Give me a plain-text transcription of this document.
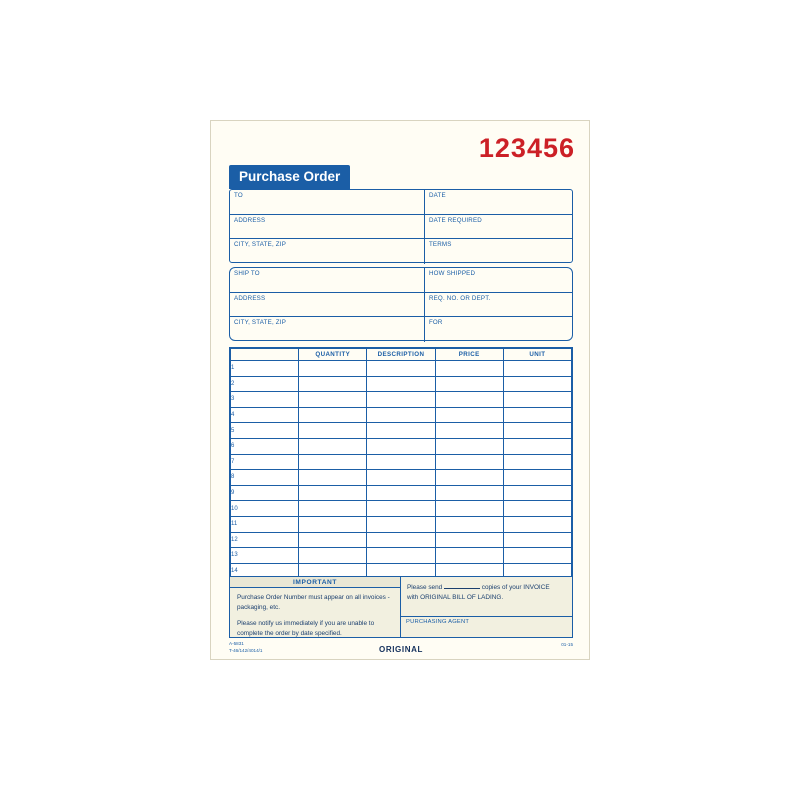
123456
Purchase Order
TO	DATE
ADDRESS	DATE REQUIRED
CITY, STATE, ZIP	TERMS
SHIP TO	HOW SHIPPED
ADDRESS	REQ. NO. OR DEPT.
CITY, STATE, ZIP	FOR
	QUANTITY	DESCRIPTION	PRICE	UNIT
1				
2				
3				
4				
5				
6				
7				
8				
9				
10				
11				
12				
13				
14				

IMPORTANT

Purchase Order Number must appear on all invoices - packaging, etc.

Please notify us immediately if you are unable to complete the order by date specified.

Please send	copies of your INVOICE
with ORIGINAL BILL OF LADING.
PURCHASING AGENT
A-5831
T-46/142/4014/1	ORIGINAL
01-15
